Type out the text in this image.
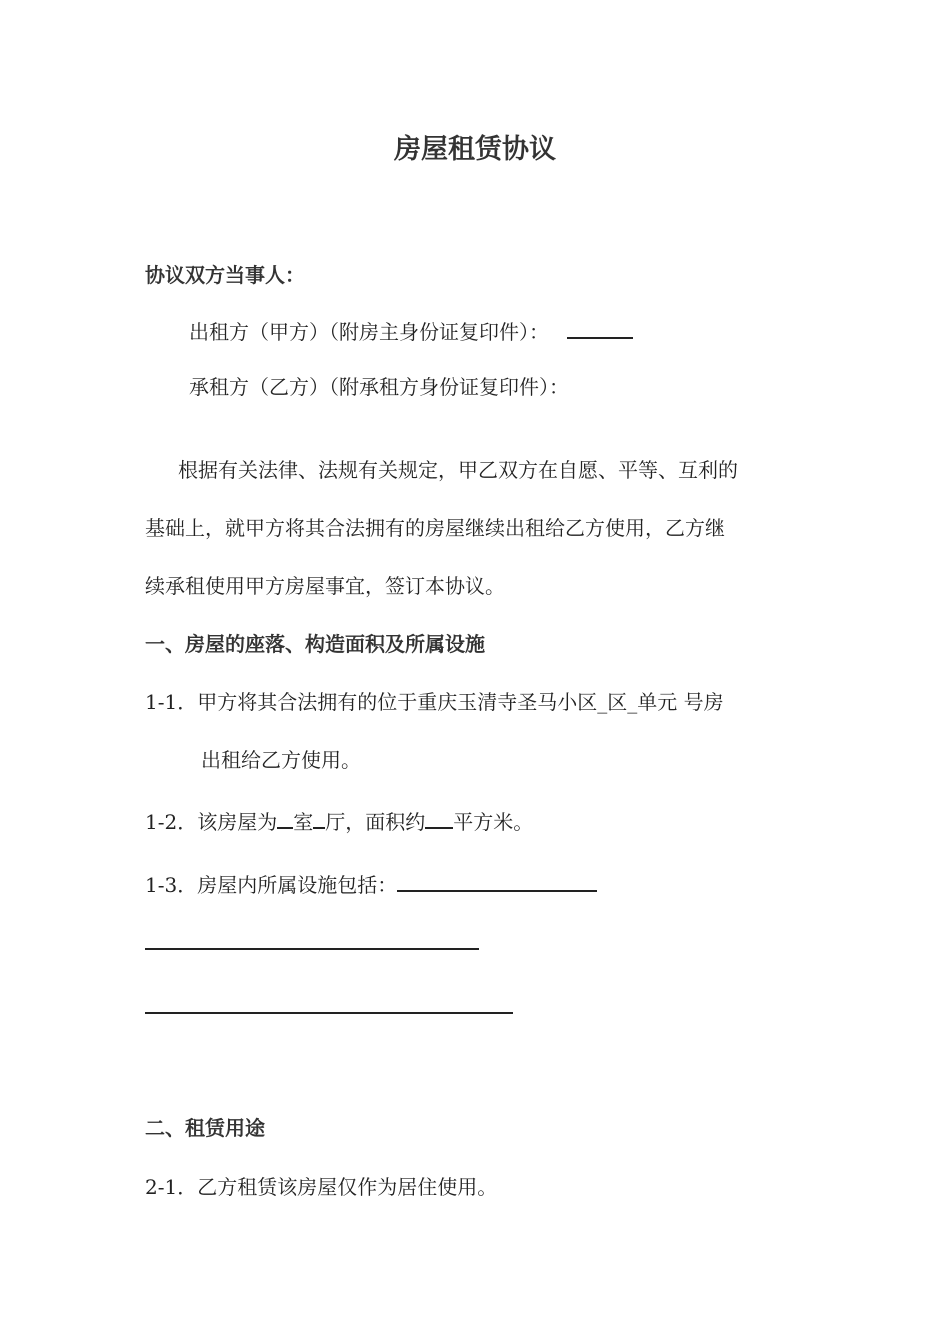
房屋租赁协议
协议双方当事人：
出租方（甲方）（附房主身份证复印件）：
承租方（乙方）（附承租方身份证复印件）：
根据有关法律、法规有关规定，甲乙双方在自愿、平等、互利的
基础上，就甲方将其合法拥有的房屋继续出租给乙方使用，乙方继
续承租使用甲方房屋事宜，签订本协议。
一、房屋的座落、构造面积及所属设施
1-1．甲方将其合法拥有的位于重庆玉清寺圣马小区_区_单元 号房
出租给乙方使用。
1-2．该房屋为 室 厅，面积约 平方米。
1-3．房屋内所属设施包括：
二、租赁用途
2-1．乙方租赁该房屋仅作为居住使用。
